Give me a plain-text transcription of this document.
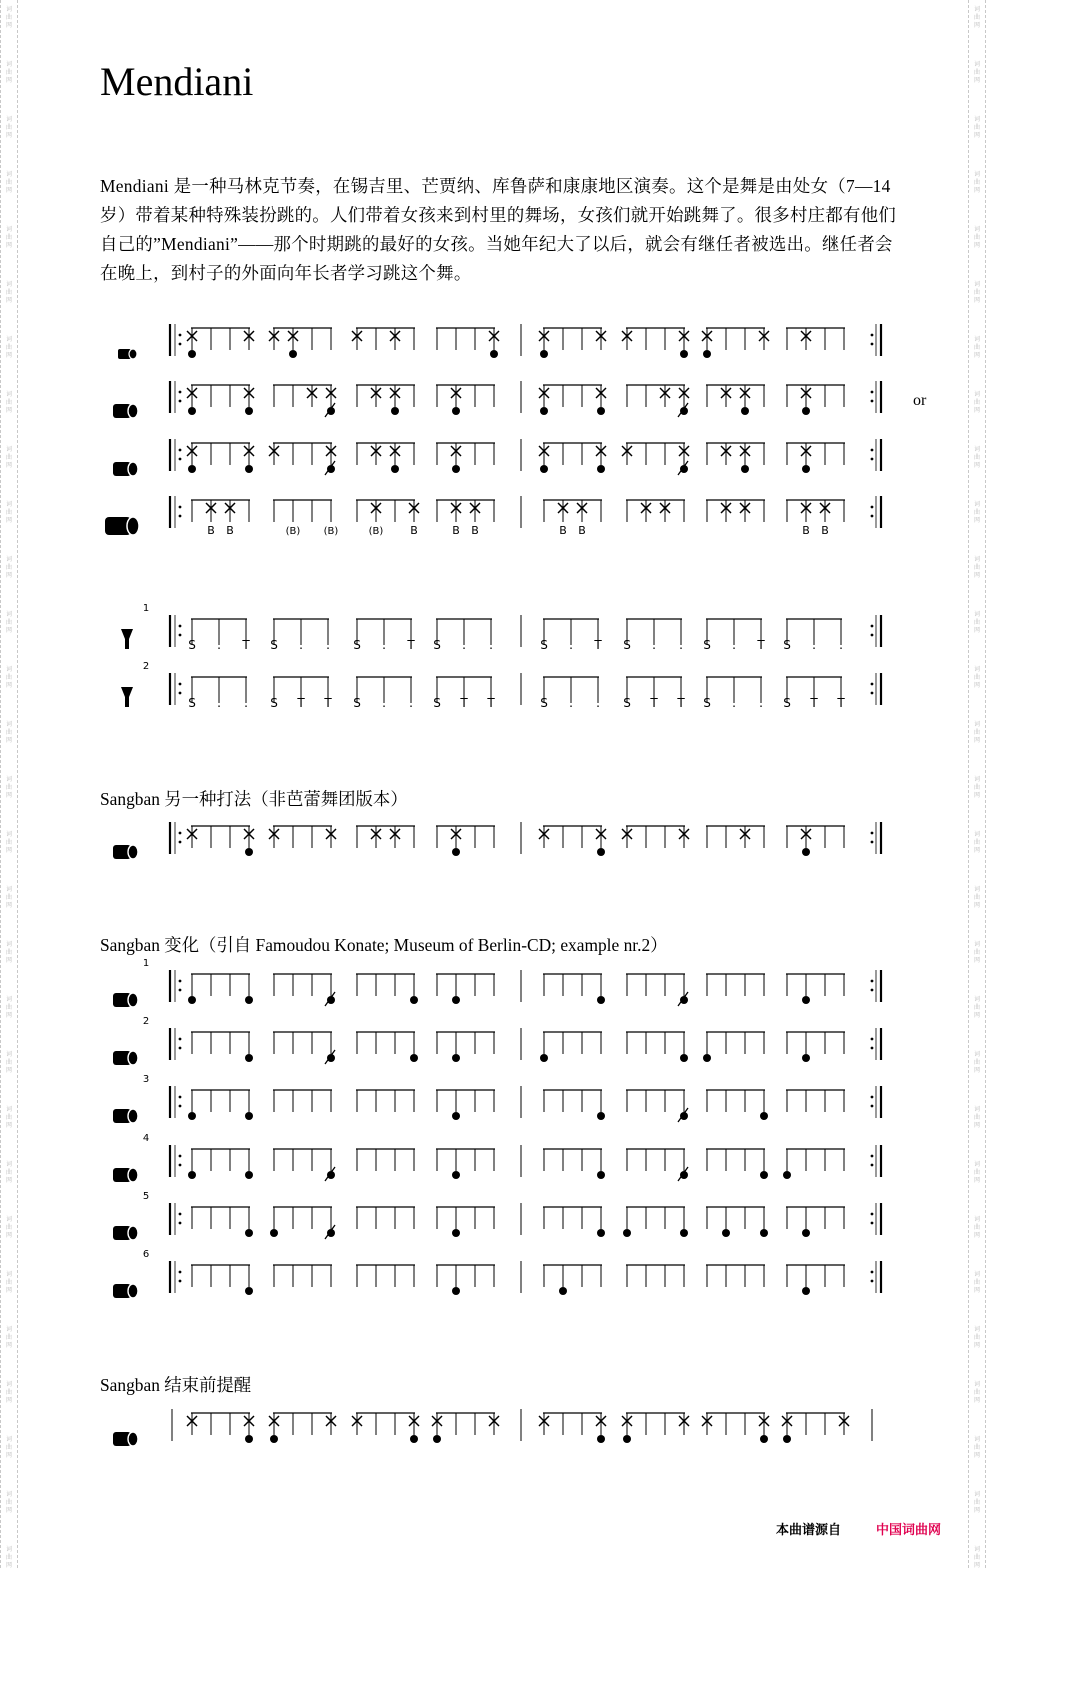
词
曲
网
词
曲
网
词
曲
网
词
曲
网
词
曲
网
词
曲
网
词
曲
网
词
曲
网
词
曲
网
词
曲
网
词
曲
网
词
曲
网
词
曲
网
词
曲
网
词
曲
网
词
曲
网
词
曲
网
词
曲
网
词
曲
网
词
曲
网
词
曲
网
词
曲
网
词
曲
网
词
曲
网
词
曲
网
词
曲
网
词
曲
网
词
曲
网
词
曲
网
词
曲
网
词
曲
网
词
曲
网
词
曲
网
词
曲
网
词
曲
网
词
曲
网
词
曲
网
词
曲
网
词
曲
网
词
曲
网
词
曲
网
词
曲
网
词
曲
网
词
曲
网
词
曲
网
词
曲
网
词
曲
网
词
曲
网
词
曲
网
词
曲
网
词
曲
网
词
曲
网
词
曲
网
词
曲
网
词
曲
网
词
曲
网
词
曲
网
词
曲
网
Mendiani

Mendiani 是一种马林克节奏，在锡吉里、芒贾纳、库鲁萨和康康地区演奏。这个是舞是由处女（7—14 岁）带着某种特殊装扮跳的。人们带着女孩来到村里的舞场，女孩们就开始跳舞了。很多村庄都有他们自己的”Mendiani”——那个时期跳的最好的女孩。当她年纪大了以后，就会有继任者被选出。继任者会在晚上，到村子的外面向年长者学习跳这个舞。

Sangban 另一种打法（非芭蕾舞团版本）
Sangban 变化（引自 Famoudou Konate; Museum of Berlin-CD; example nr.2）
Sangban 结束前提醒
or
B B	(B) (B)	(B) B	B B	B B	B B
1
S . T S . . S . T S . .	S . T S . . S . T S . .
2
S . . S T T S . . S T T	S . . S T T S . . S T T
1
2
3
4
5
6
本曲谱源自	中国词曲网
